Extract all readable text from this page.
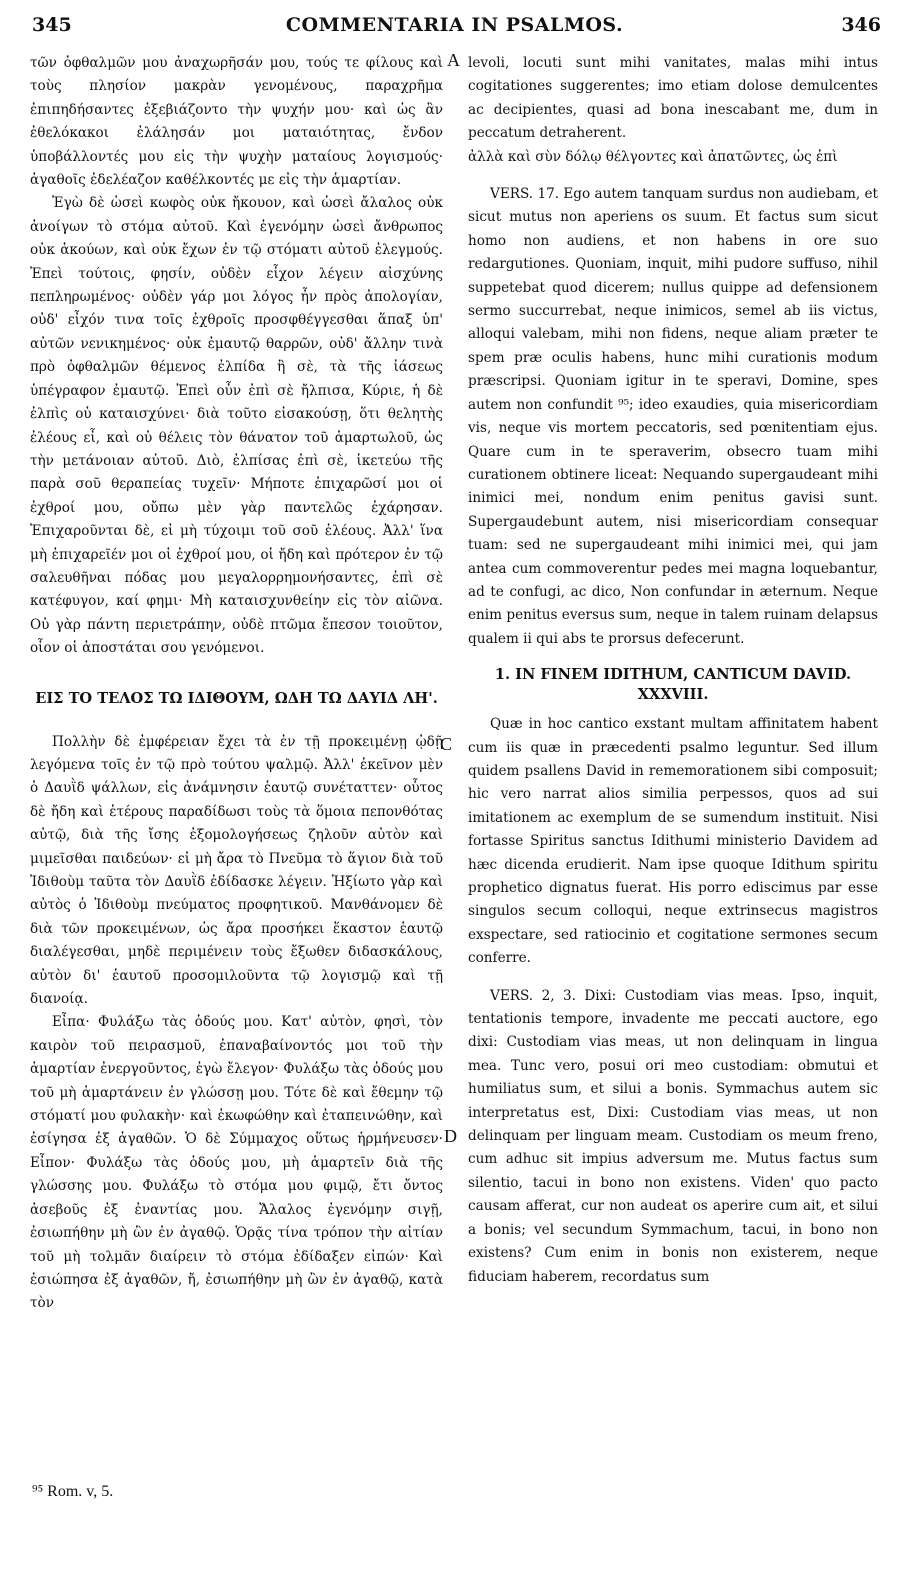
345	COMMENTARIA IN PSALMOS.	346
A
C
D

τῶν ὀφθαλμῶν μου ἀναχωρῆσάν μου, τούς τε φίλους καὶ τοὺς πλησίον μακρὰν γενομένους, παραχρῆμα ἐπιπηδήσαντες ἐξεβιάζοντο τὴν ψυχήν μου· καὶ ὡς ἂν ἐθελόκακοι ἐλάλησάν μοι ματαιότητας, ἔνδον ὑποβάλλοντές μου εἰς τὴν ψυχὴν ματαίους λογισμούς· ἀγαθοῖς ἐδελέαζον καθέλκοντές με εἰς τὴν ἁμαρτίαν.

Ἐγὼ δὲ ὡσεὶ κωφὸς οὐκ ἤκουον, καὶ ὡσεὶ ἄλαλος οὐκ ἀνοίγων τὸ στόμα αὐτοῦ. Καὶ ἐγενόμην ὡσεὶ ἄνθρωπος οὐκ ἀκούων, καὶ οὐκ ἔχων ἐν τῷ στόματι αὐτοῦ ἐλεγμούς. Ἐπεὶ τούτοις, φησίν, οὐδὲν εἶχον λέγειν αἰσχύνης πεπληρωμένος· οὐδὲν γάρ μοι λόγος ἦν πρὸς ἀπολογίαν, οὐδ' εἶχόν τινα τοῖς ἐχθροῖς προσφθέγγεσθαι ἅπαξ ὑπ' αὐτῶν νενικημένος· οὐκ ἐμαυτῷ θαρρῶν, οὐδ' ἄλλην τινὰ πρὸ ὀφθαλμῶν θέμενος ἐλπίδα ἢ σὲ, τὰ τῆς ἰάσεως ὑπέγραφον ἐμαυτῷ. Ἐπεὶ οὖν ἐπὶ σὲ ἤλπισα, Κύριε, ἡ δὲ ἐλπὶς οὐ καταισχύνει· διὰ τοῦτο εἰσακούσῃ, ὅτι θελητὴς ἐλέους εἶ, καὶ οὐ θέλεις τὸν θάνατον τοῦ ἁμαρτωλοῦ, ὡς τὴν μετάνοιαν αὐτοῦ. Διὸ, ἐλπίσας ἐπὶ σὲ, ἱκετεύω τῆς παρὰ σοῦ θεραπείας τυχεῖν· Μήποτε ἐπιχαρῶσί μοι οἱ ἐχθροί μου, οὔπω μὲν γὰρ παντελῶς ἐχάρησαν. Ἐπιχαροῦνται δὲ, εἰ μὴ τύχοιμι τοῦ σοῦ ἐλέους. Ἀλλ' ἵνα μὴ ἐπιχαρεῖέν μοι οἱ ἐχθροί μου, οἱ ἤδη καὶ πρότερον ἐν τῷ σαλευθῆναι πόδας μου μεγαλορρημονήσαντες, ἐπὶ σὲ κατέφυγον, καί φημι· Μὴ καταισχυνθείην εἰς τὸν αἰῶνα. Οὐ γὰρ πάντη περιετράπην, οὐδὲ πτῶμα ἔπεσον τοιοῦτον, οἷον οἱ ἀποστάται σου γενόμενοι.

ΕΙΣ ΤΟ ΤΕΛΟΣ ΤΩ ΙΔΙΘΟΥΜ, ΩΔΗ ΤΩ ΔΑΥΙΔ ΛΗ'.

Πολλὴν δὲ ἐμφέρειαν ἔχει τὰ ἐν τῇ προκειμένῃ ᾠδῇ λεγόμενα τοῖς ἐν τῷ πρὸ τούτου ψαλμῷ. Ἀλλ' ἐκεῖνον μὲν ὁ Δαυῒδ ψάλλων, εἰς ἀνάμνησιν ἑαυτῷ συνέταττεν· οὗτος δὲ ἤδη καὶ ἑτέρους παραδίδωσι τοὺς τὰ ὅμοια πεπονθότας αὐτῷ, διὰ τῆς ἴσης ἐξομολογήσεως ζηλοῦν αὐτὸν καὶ μιμεῖσθαι παιδεύων· εἰ μὴ ἄρα τὸ Πνεῦμα τὸ ἅγιον διὰ τοῦ Ἰδιθοὺμ ταῦτα τὸν Δαυῒδ ἐδίδασκε λέγειν. Ἠξίωτο γὰρ καὶ αὐτὸς ὁ Ἰδιθοὺμ πνεύματος προφητικοῦ. Μανθάνομεν δὲ διὰ τῶν προκειμένων, ὡς ἄρα προσήκει ἕκαστον ἑαυτῷ διαλέγεσθαι, μηδὲ περιμένειν τοὺς ἔξωθεν διδασκάλους, αὐτὸν δι' ἑαυτοῦ προσομιλοῦντα τῷ λογισμῷ καὶ τῇ διανοίᾳ.

Εἶπα· Φυλάξω τὰς ὁδούς μου. Κατ' αὐτὸν, φησὶ, τὸν καιρὸν τοῦ πειρασμοῦ, ἐπαναβαίνοντός μοι τοῦ τὴν ἁμαρτίαν ἐνεργοῦντος, ἐγὼ ἔλεγον· Φυλάξω τὰς ὁδούς μου τοῦ μὴ ἁμαρτάνειν ἐν γλώσσῃ μου. Τότε δὲ καὶ ἔθεμην τῷ στόματί μου φυλακὴν· καὶ ἐκωφώθην καὶ ἐταπεινώθην, καὶ ἐσίγησα ἐξ ἀγαθῶν. Ὁ δὲ Σύμμαχος οὕτως ἡρμήνευσεν· Εἶπον· Φυλάξω τὰς ὁδούς μου, μὴ ἁμαρτεῖν διὰ τῆς γλώσσης μου. Φυλάξω τὸ στόμα μου φιμῷ, ἔτι ὄντος ἀσεβοῦς ἐξ ἐναντίας μου. Ἄλαλος ἐγενόμην σιγῇ, ἐσιωπήθην μὴ ὢν ἐν ἀγαθῷ. Ὁρᾷς τίνα τρόπον τὴν αἰτίαν τοῦ μὴ τολμᾶν διαίρειν τὸ στόμα ἐδίδαξεν εἰπών· Καὶ ἐσιώπησα ἐξ ἀγαθῶν, ἤ, ἐσιωπήθην μὴ ὢν ἐν ἀγαθῷ, κατὰ τὸν

levoli, locuti sunt mihi vanitates, malas mihi intus cogitationes suggerentes; imo etiam dolose demulcentes ac decipientes, quasi ad bona inescabant me, dum in peccatum detraherent.

ἀλλὰ καὶ σὺν δόλῳ θέλγοντες καὶ ἀπατῶντες, ὡς ἐπὶ

VERS. 17. Ego autem tanquam surdus non audiebam, et sicut mutus non aperiens os suum. Et factus sum sicut homo non audiens, et non habens in ore suo redargutiones. Quoniam, inquit, mihi pudore suffuso, nihil suppetebat quod dicerem; nullus quippe ad defensionem sermo succurrebat, neque inimicos, semel ab iis victus, alloqui valebam, mihi non fidens, neque aliam præter te spem præ oculis habens, hunc mihi curationis modum præscripsi. Quoniam igitur in te speravi, Domine, spes autem non confundit ⁹⁵; ideo exaudies, quia misericordiam vis, neque vis mortem peccatoris, sed pœnitentiam ejus. Quare cum in te speraverim, obsecro tuam mihi curationem obtinere liceat: Nequando supergaudeant mihi inimici mei, nondum enim penitus gavisi sunt. Supergaudebunt autem, nisi misericordiam consequar tuam: sed ne supergaudeant mihi inimici mei, qui jam antea cum commoverentur pedes mei magna loquebantur, ad te confugi, ac dico, Non confundar in æternum. Neque enim penitus eversus sum, neque in talem ruinam delapsus qualem ii qui abs te prorsus defecerunt.

1. IN FINEM IDITHUM, CANTICUM DAVID.

XXXVIII.

Quæ in hoc cantico exstant multam affinitatem habent cum iis quæ in præcedenti psalmo leguntur. Sed illum quidem psallens David in rememorationem sibi composuit; hic vero narrat alios similia perpessos, quos ad sui imitationem ac exemplum de se sumendum instituit. Nisi fortasse Spiritus sanctus Idithumi ministerio Davidem ad hæc dicenda erudierit. Nam ipse quoque Idithum spiritu prophetico dignatus fuerat. His porro ediscimus par esse singulos secum colloqui, neque extrinsecus magistros exspectare, sed ratiocinio et cogitatione sermones secum conferre.

VERS. 2, 3. Dixi: Custodiam vias meas. Ipso, inquit, tentationis tempore, invadente me peccati auctore, ego dixi: Custodiam vias meas, ut non delinquam in lingua mea. Tunc vero, posui ori meo custodiam: obmutui et humiliatus sum, et silui a bonis. Symmachus autem sic interpretatus est, Dixi: Custodiam vias meas, ut non delinquam per linguam meam. Custodiam os meum freno, cum adhuc sit impius adversum me. Mutus factus sum silentio, tacui in bono non existens. Viden' quo pacto causam afferat, cur non audeat os aperire cum ait, et silui a bonis; vel secundum Symmachum, tacui, in bono non existens? Cum enim in bonis non existerem, neque fiduciam haberem, recordatus sum

⁹⁵ Rom. v, 5.
